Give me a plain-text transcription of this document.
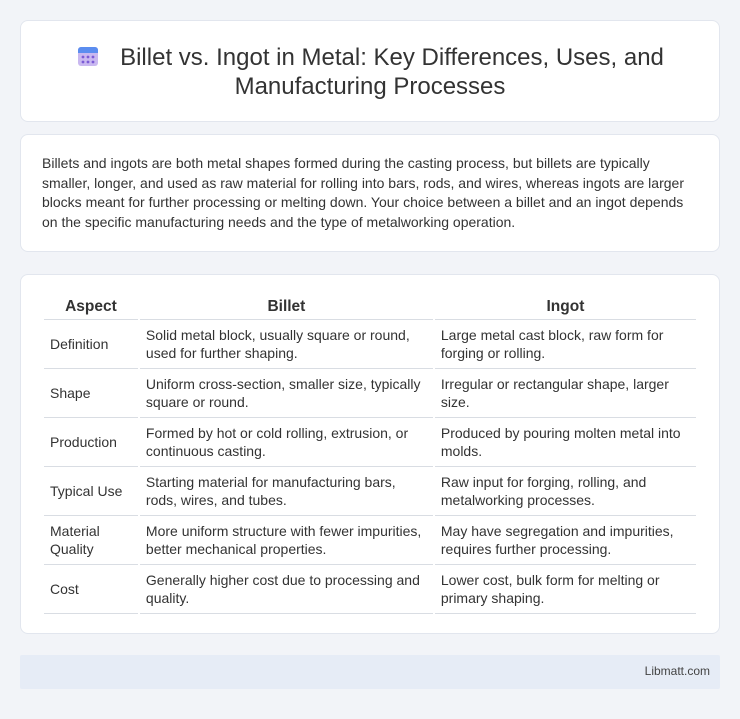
Billet vs. Ingot in Metal: Key Differences, Uses, and Manufacturing Processes

Billets and ingots are both metal shapes formed during the casting process, but billets are typically smaller, longer, and used as raw material for rolling into bars, rods, and wires, whereas ingots are larger blocks meant for further processing or melting down. Your choice between a billet and an ingot depends on the specific manufacturing needs and the type of metalworking operation.

Aspect	Billet	Ingot
Definition	Solid metal block, usually square or round, used for further shaping.	Large metal cast block, raw form for forging or rolling.
Shape	Uniform cross-section, smaller size, typically square or round.	Irregular or rectangular shape, larger size.
Production	Formed by hot or cold rolling, extrusion, or continuous casting.	Produced by pouring molten metal into molds.
Typical Use	Starting material for manufacturing bars, rods, wires, and tubes.	Raw input for forging, rolling, and metalworking processes.
Material Quality	More uniform structure with fewer impurities, better mechanical properties.	May have segregation and impurities, requires further processing.
Cost	Generally higher cost due to processing and quality.	Lower cost, bulk form for melting or primary shaping.
Libmatt.com
